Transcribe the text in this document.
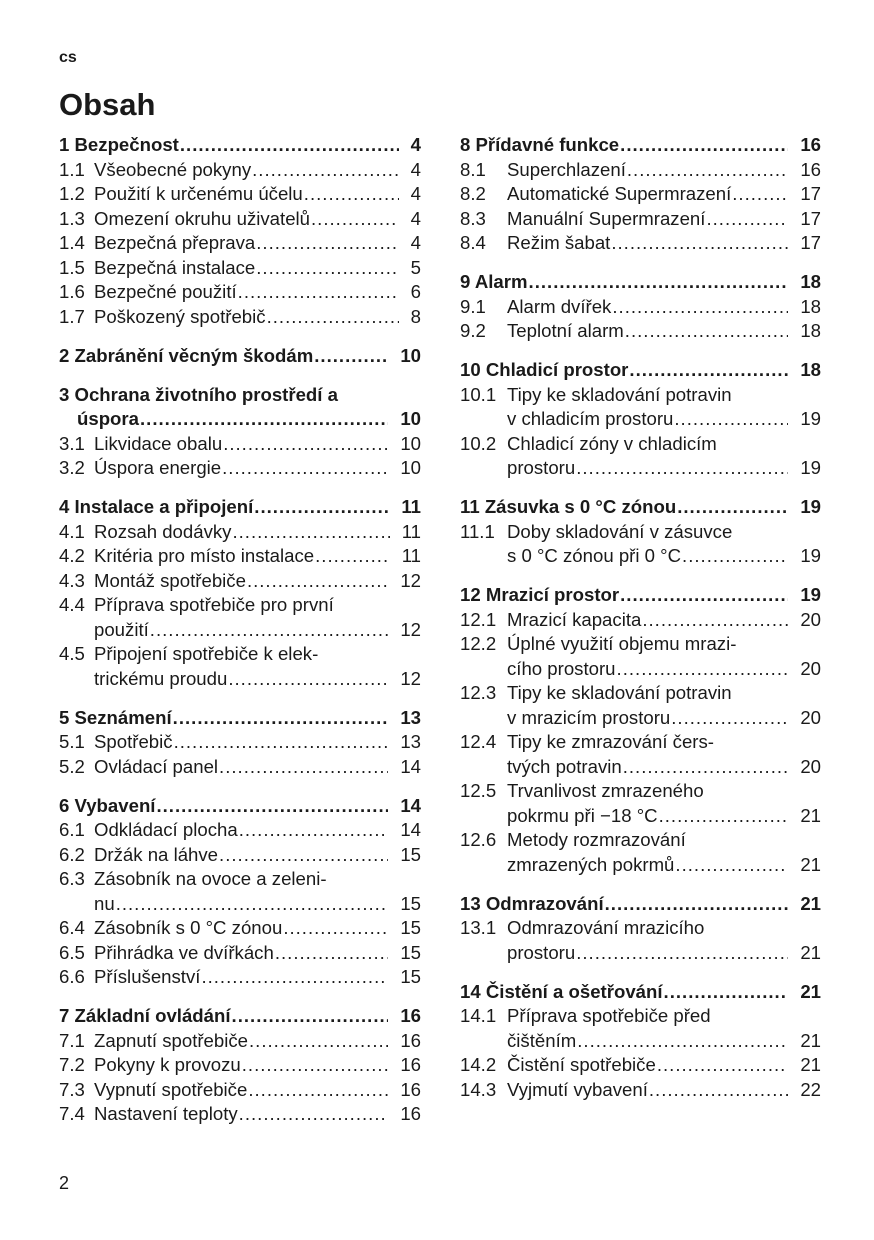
cs
Obsah
1 Bezpečnost .....	4
1.1 Všeobecné pokyny .....	4
1.2 Použití k určenému účelu .....	4
1.3 Omezení okruhu uživatelů .....	4
1.4 Bezpečná přeprava .....	4
1.5 Bezpečná instalace .....	5
1.6 Bezpečné použití .....	6
1.7 Poškozený spotřebič .....	8
2 Zabránění věcným škodám .....	10
3 Ochrana životního prostředí a
úspora .....	10
3.1 Likvidace obalu .....	10
3.2 Úspora energie .....	10
4 Instalace a připojení .....	11
4.1 Rozsah dodávky .....	11
4.2 Kritéria pro místo instalace .....	11
4.3 Montáž spotřebiče .....	12
4.4 Příprava spotřebiče pro první
použití .....	12
4.5 Připojení spotřebiče k elek-
trickému proudu .....	12
5 Seznámení .....	13
5.1 Spotřebič .....	13
5.2 Ovládací panel .....	14
6 Vybavení .....	14
6.1 Odkládací plocha .....	14
6.2 Držák na láhve .....	15
6.3 Zásobník na ovoce a zeleni-
nu .....	15
6.4 Zásobník s 0 °C zónou .....	15
6.5 Přihrádka ve dvířkách .....	15
6.6 Příslušenství .....	15
7 Základní ovládání .....	16
7.1 Zapnutí spotřebiče .....	16
7.2 Pokyny k provozu .....	16
7.3 Vypnutí spotřebiče .....	16
7.4 Nastavení teploty .....	16
8 Přídavné funkce .....	16
8.1	Superchlazení .....	16
8.2	Automatické Supermrazení .....	17
8.3	Manuální Supermrazení .....	17
8.4	Režim šabat .....	17
9 Alarm .....	18
9.1	Alarm dvířek .....	18
9.2	Teplotní alarm .....	18
10 Chladicí prostor .....	18
10.1 Tipy ke skladování potravin
v chladicím prostoru .....	19
10.2 Chladicí zóny v chladicím
prostoru .....	19
11 Zásuvka s 0 °C zónou .....	19
11.1 Doby skladování v zásuvce
s 0 °C zónou při 0 °C .....	19
12 Mrazicí prostor .....	19
12.1 Mrazicí kapacita .....	20
12.2 Úplné využití objemu mrazi-
cího prostoru .....	20
12.3 Tipy ke skladování potravin
v mrazicím prostoru .....	20
12.4 Tipy ke zmrazování čers-
tvých potravin .....	20
12.5 Trvanlivost zmrazeného
pokrmu při −18 °C .....	21
12.6 Metody rozmrazování
zmrazených pokrmů .....	21
13 Odmrazování .....	21
13.1 Odmrazování mrazicího
prostoru .....	21
14 Čistění a ošetřování .....	21
14.1 Příprava spotřebiče před
čištěním .....	21
14.2 Čistění spotřebiče .....	21
14.3 Vyjmutí vybavení .....	22
2
